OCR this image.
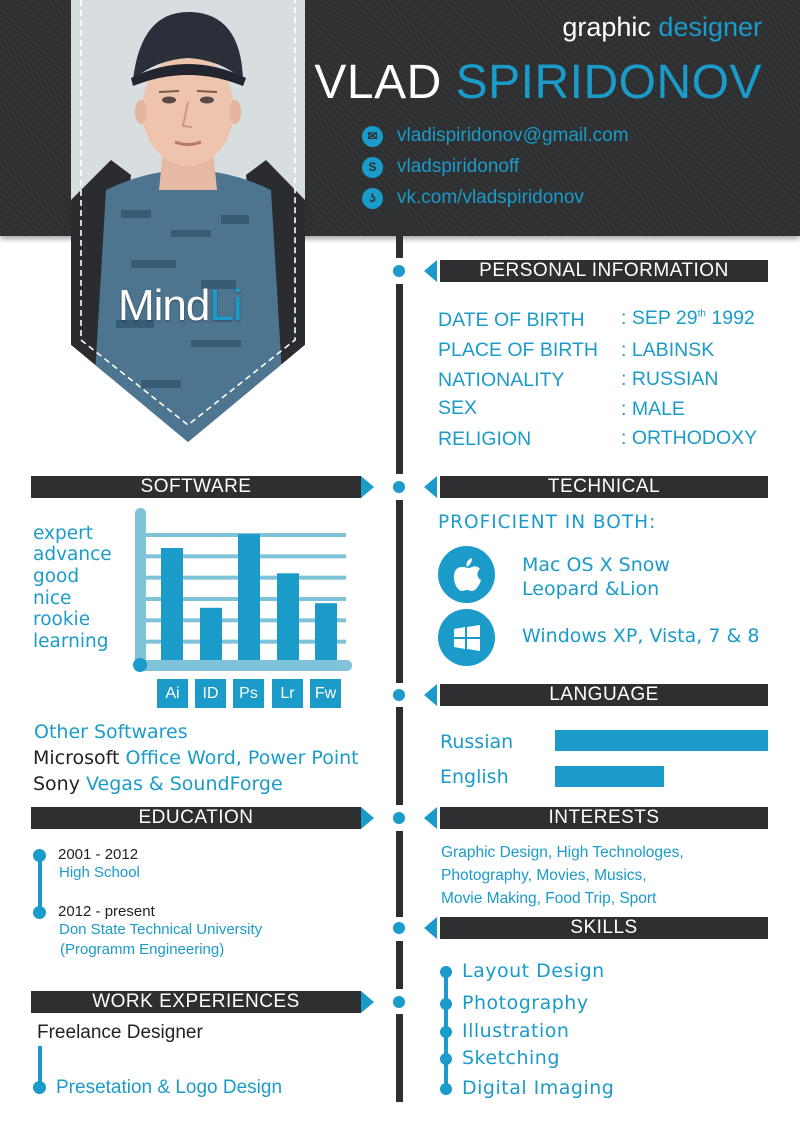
MindLi
graphic designer
VLAD SPIRIDONOV
✉ vladispiridonov@gmail.com
S	vladspiridonoff
ʖ	vk.com/vladspiridonov
PERSONAL INFORMATION
DATE OF BIRTH : SEP 29th 1992
PLACE OF BIRTH : LABINSK
NATIONALITY	: RUSSIAN
SEX	: MALE
RELIGION	: ORTHODOXY
SOFTWARE
expert
advance
good
nice
rookie
learning
Ai	ID	Ps	Lr	Fw
Other Softwares
Microsoft Office Word, Power Point
Sony Vegas & SoundForge
TECHNICAL
PROFICIENT IN BOTH:
Mac OS X Snow
Leopard &Lion
Windows XP, Vista, 7 & 8
LANGUAGE
Russian
English
EDUCATION
2001 - 2012
High School
2012 - present
Don State Technical University
(Programm Engineering)
INTERESTS
Graphic Design, High Technologes,
Photography, Movies, Musics,
Movie Making, Food Trip, Sport
SKILLS
Layout Design
Photography
Illustration
Sketching
Digital Imaging
WORK EXPERIENCES
Freelance Designer
Presetation & Logo Design
